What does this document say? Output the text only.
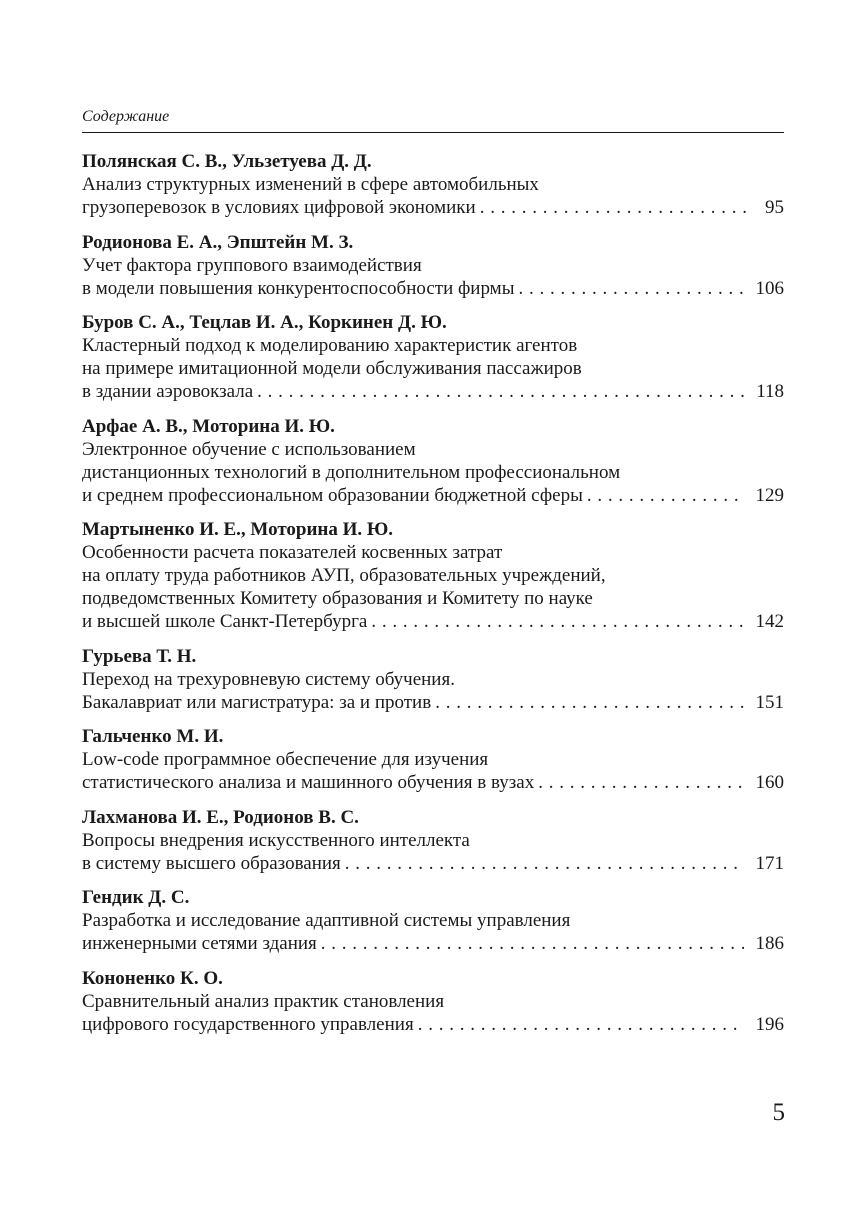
Содержание
Полянская С. В., Ульзетуева Д. Д.
Анализ структурных изменений в сфере автомобильных
грузоперевозок в условиях цифровой экономики . . .	95
Родионова Е. А., Эпштейн М. З.
Учет фактора группового взаимодействия
в модели повышения конкурентоспособности фирмы . . .	106
Буров С. А., Тецлав И. А., Коркинен Д. Ю.
Кластерный подход к моделированию характеристик агентов
на примере имитационной модели обслуживания пассажиров
в здании аэровокзала . . .	118
Арфае А. В., Моторина И. Ю.
Электронное обучение с использованием
дистанционных технологий в дополнительном профессиональном
и среднем профессиональном образовании бюджетной сферы . . .	129
Мартыненко И. Е., Моторина И. Ю.
Особенности расчета показателей косвенных затрат
на оплату труда работников АУП, образовательных учреждений,
подведомственных Комитету образования и Комитету по науке
и высшей школе Санкт-Петербурга . . .	142
Гурьева Т. Н.
Переход на трехуровневую систему обучения.
Бакалавриат или магистратура: за и против . . .	151
Гальченко М. И.
Low-code программное обеспечение для изучения
статистического анализа и машинного обучения в вузах . . .	160
Лахманова И. Е., Родионов В. С.
Вопросы внедрения искусственного интеллекта
в систему высшего образования . . .	171
Гендик Д. С.
Разработка и исследование адаптивной системы управления
инженерными сетями здания . . .	186
Кононенко К. О.
Сравнительный анализ практик становления
цифрового государственного управления . . .	196
5
